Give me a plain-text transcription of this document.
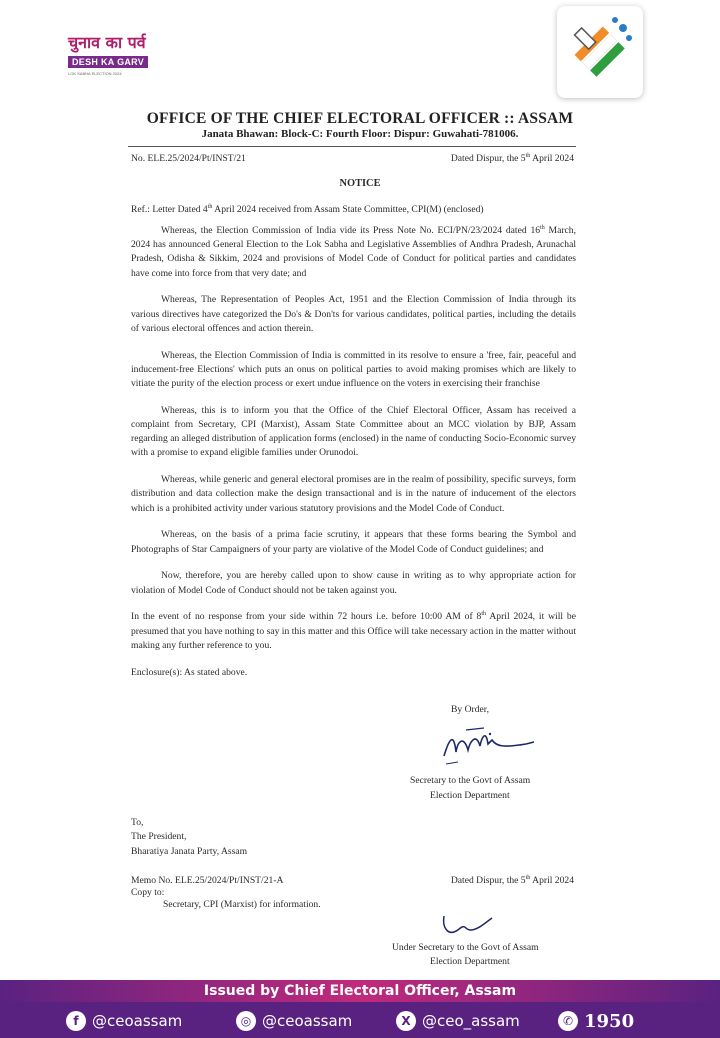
चुनाव का पर्व
DESH KA GARV
LOK SABHA ELECTION 2024
OFFICE OF THE CHIEF ELECTORAL OFFICER :: ASSAM
Janata Bhawan: Block-C: Fourth Floor: Dispur: Guwahati-781006.
No. ELE.25/2024/Pt/INST/21	Dated Dispur, the 5th April 2024
NOTICE
Ref.: Letter Dated 4th April 2024 received from Assam State Committee, CPI(M) (enclosed)

Whereas, the Election Commission of India vide its Press Note No. ECI/PN/23/2024 dated 16th March, 2024 has announced General Election to the Lok Sabha and Legislative Assemblies of Andhra Pradesh, Arunachal Pradesh, Odisha & Sikkim, 2024 and provisions of Model Code of Conduct for political parties and candidates have come into force from that very date; and

Whereas, The Representation of Peoples Act, 1951 and the Election Commission of India through its various directives have categorized the Do's & Don'ts for various candidates, political parties, including the details of various electoral offences and action therein.

Whereas, the Election Commission of India is committed in its resolve to ensure a 'free, fair, peaceful and inducement-free Elections' which puts an onus on political parties to avoid making promises which are likely to vitiate the purity of the election process or exert undue influence on the voters in exercising their franchise

Whereas, this is to inform you that the Office of the Chief Electoral Officer, Assam has received a complaint from Secretary, CPI (Marxist), Assam State Committee about an MCC violation by BJP, Assam regarding an alleged distribution of application forms (enclosed) in the name of conducting Socio-Economic survey with a promise to expand eligible families under Orunodoi.

Whereas, while generic and general electoral promises are in the realm of possibility, specific surveys, form distribution and data collection make the design transactional and is in the nature of inducement of the electors which is a prohibited activity under various statutory provisions and the Model Code of Conduct.

Whereas, on the basis of a prima facie scrutiny, it appears that these forms bearing the Symbol and Photographs of Star Campaigners of your party are violative of the Model Code of Conduct guidelines; and

Now, therefore, you are hereby called upon to show cause in writing as to why appropriate action for violation of Model Code of Conduct should not be taken against you.

In the event of no response from your side within 72 hours i.e. before 10:00 AM of 8th April 2024, it will be presumed that you have nothing to say in this matter and this Office will take necessary action in the matter without making any further reference to you.

Enclosure(s): As stated above.

By Order,
Secretary to the Govt of Assam
Election Department
To,
The President,
Bharatiya Janata Party, Assam
Memo No. ELE.25/2024/Pt/INST/21-A	Dated Dispur, the 5th April 2024
Copy to:
Secretary, CPI (Marxist) for information.
Under Secretary to the Govt of Assam
Election Department
Issued by Chief Electoral Officer, Assam
f @ceoassam	◎ @ceoassam	X @ceo_assam	✆ 1950
